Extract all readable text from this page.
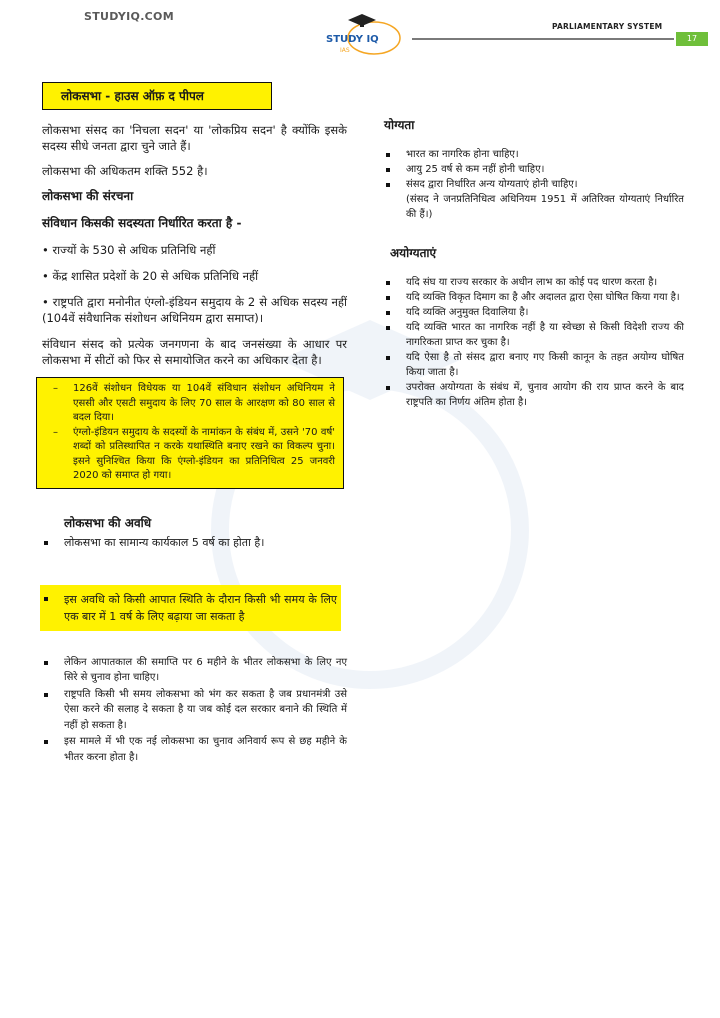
STUDYIQ.COM
STUDY IQ
IAS
PARLIAMENTARY SYSTEM
17
लोकसभा - हाउस ऑफ़ द पीपल

लोकसभा संसद का 'निचला सदन' या 'लोकप्रिय सदन' है क्योंकि इसके सदस्य सीधे जनता द्वारा चुने जाते हैं।

लोकसभा की अधिकतम शक्ति 552 है।

लोकसभा की संरचना
संविधान किसकी सदस्यता निर्धारित करता है -
• राज्यों के 530 से अधिक प्रतिनिधि नहीं
• केंद्र शासित प्रदेशों के 20 से अधिक प्रतिनिधि नहीं
• राष्ट्रपति द्वारा मनोनीत एंग्लो-इंडियन समुदाय के 2 से अधिक सदस्य नहीं (104वें संवैधानिक संशोधन अधिनियम द्वारा समाप्त)।

संविधान संसद को प्रत्येक जनगणना के बाद जनसंख्या के आधार पर लोकसभा में सीटों को फिर से समायोजित करने का अधिकार देता है।

–	126वें संशोधन विधेयक या 104वें संविधान संशोधन अधिनियम ने एससी और एसटी समुदाय के लिए 70 साल के आरक्षण को 80 साल से बदल दिया।
–	एंग्लो-इंडियन समुदाय के सदस्यों के नामांकन के संबंध में, उसने '70 वर्ष' शब्दों को प्रतिस्थापित न करके यथास्थिति बनाए रखने का विकल्प चुना। इसने सुनिश्चित किया कि एंग्लो-इंडियन का प्रतिनिधित्व 25 जनवरी 2020 को समाप्त हो गया।
लोकसभा की अवधि
लोकसभा का सामान्य कार्यकाल 5 वर्ष का होता है।
इस अवधि को किसी आपात स्थिति के दौरान किसी भी समय के लिए एक बार में 1 वर्ष के लिए बढ़ाया जा सकता है
लेकिन आपातकाल की समाप्ति पर 6 महीने के भीतर लोकसभा के लिए नए सिरे से चुनाव होना चाहिए।
राष्ट्रपति किसी भी समय लोकसभा को भंग कर सकता है जब प्रधानमंत्री उसे ऐसा करने की सलाह दे सकता है या जब कोई दल सरकार बनाने की स्थिति में नहीं हो सकता है।
इस मामले में भी एक नई लोकसभा का चुनाव अनिवार्य रूप से छह महीने के भीतर करना होता है।
योग्यता
भारत का नागरिक होना चाहिए।
आयु 25 वर्ष से कम नहीं होनी चाहिए।
संसद द्वारा निर्धारित अन्य योग्यताएं होनी चाहिए।
(संसद ने जनप्रतिनिधित्व अधिनियम 1951 में अतिरिक्त योग्यताएं निर्धारित की हैं।)
अयोग्यताएं
यदि संघ या राज्य सरकार के अधीन लाभ का कोई पद धारण करता है।
यदि व्यक्ति विकृत दिमाग का है और अदालत द्वारा ऐसा घोषित किया गया है।
यदि व्यक्ति अनुमुक्त दिवालिया है।
यदि व्यक्ति भारत का नागरिक नहीं है या स्वेच्छा से किसी विदेशी राज्य की नागरिकता प्राप्त कर चुका है।
यदि ऐसा है तो संसद द्वारा बनाए गए किसी कानून के तहत अयोग्य घोषित किया जाता है।
उपरोक्त अयोग्यता के संबंध में, चुनाव आयोग की राय प्राप्त करने के बाद राष्ट्रपति का निर्णय अंतिम होता है।
